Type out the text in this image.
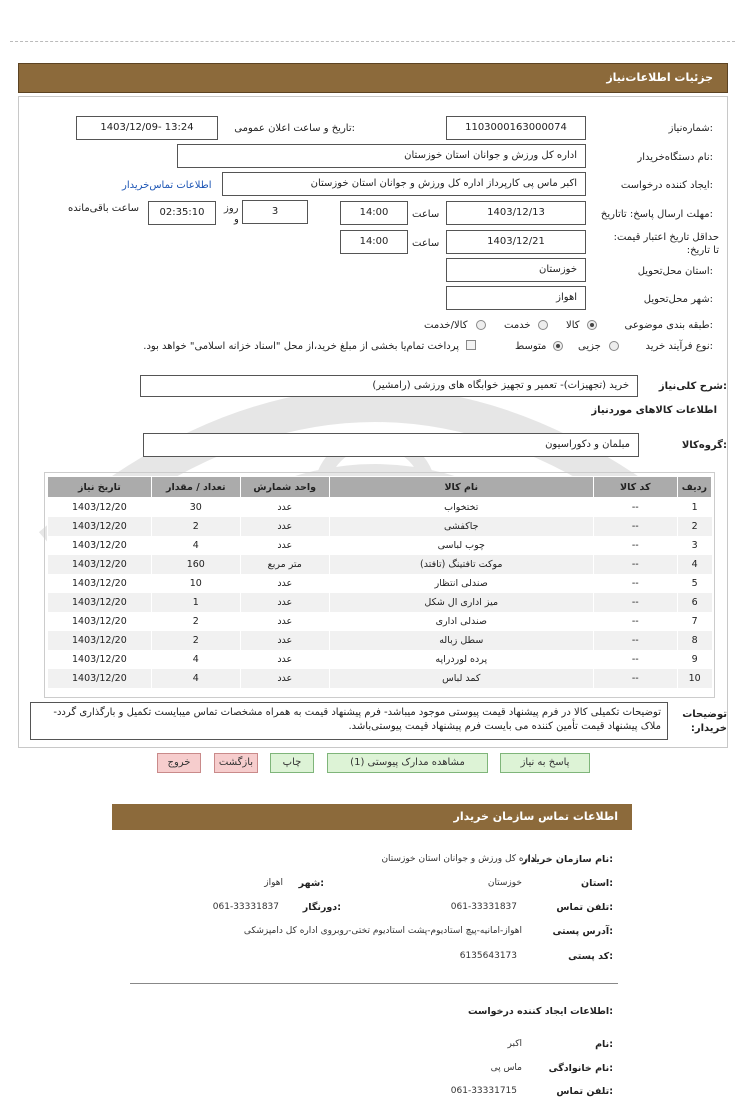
جزئیات اطلاعات‌نیاز
شماره‌نیاز:
1103000163000074
تاریخ و ساعت اعلان عمومی:
1403/12/09- 13:24
نام دستگاه‌خریدار:
اداره کل ورزش و جوانان استان خوزستان
ایجاد کننده درخواست:
اکبر ماس پی کارپرداز اداره کل ورزش و جوانان استان خوزستان
اطلاعات تماس‌خریدار
مهلت ارسال پاسخ: تاتاریخ:
1403/12/13
ساعت
14:00
3
روز
و
02:35:10
ساعت باقی‌مانده
حداقل تاریخ اعتبار قیمت: تا تاریخ:
1403/12/21
ساعت
14:00
استان محل‌تحویل:
خوزستان
شهر محل‌تحویل:
اهواز
طبقه بندی موضوعی:
کالا
خدمت
کالا/خدمت
نوع فرآیند خرید:
جزیی
متوسط
پرداخت تمام‌یا بخشی از مبلغ خرید،از محل "اسناد خزانه اسلامی" خواهد بود.
شرح کلی‌نیاز:
خرید (تجهیزات)- تعمیر و تجهیز خوابگاه های ورزشی (رامشیر)
اطلاعات کالاهای موردنیاز
گروه‌کالا:
مبلمان و دکوراسیون
ردیف	کد کالا	نام کالا	واحد شمارش	تعداد / مقدار	تاریخ نیاز
1	--	تختخواب	عدد	30	1403/12/20
2	--	جاکفشی	عدد	2	1403/12/20
3	--	چوب لباسی	عدد	4	1403/12/20
4	--	موکت تافتینگ (تافتد)	متر مربع	160	1403/12/20
5	--	صندلی انتظار	عدد	10	1403/12/20
6	--	میز اداری ال شکل	عدد	1	1403/12/20
7	--	صندلی اداری	عدد	2	1403/12/20
8	--	سطل زباله	عدد	2	1403/12/20
9	--	پرده لوردراپه	عدد	4	1403/12/20
10	--	کمد لباس	عدد	4	1403/12/20
توضیحات خریدار:
توضیحات تکمیلی کالا در فرم پیشنهاد قیمت پیوستی موجود میباشد- فرم پیشنهاد قیمت به همراه مشخصات تماس میبایست تکمیل و بارگذاری گردد- ملاک پیشنهاد قیمت تأمین کننده می بایست فرم پیشنهاد قیمت پیوستی‌باشد.
پاسخ به نیاز
مشاهده مدارک پیوستی (1)
چاپ
بازگشت
خروج
اطلاعات تماس سازمان خریدار
نام سازمان خریدار:
اداره کل ورزش و جوانان استان خوزستان
استان:
خوزستان
شهر:
اهواز
تلفن تماس:
061-33331837
دورنگار:
061-33331837
آدرس پستی:
اهواز-امانیه-پیچ استادیوم-پشت استادیوم تختی-روبروی اداره کل دامپزشکی
کد پستی:
6135643173
اطلاعات ایجاد کننده درخواست:
نام:
اکبر
نام خانوادگی:
ماس پی
تلفن تماس:
061-33331715
